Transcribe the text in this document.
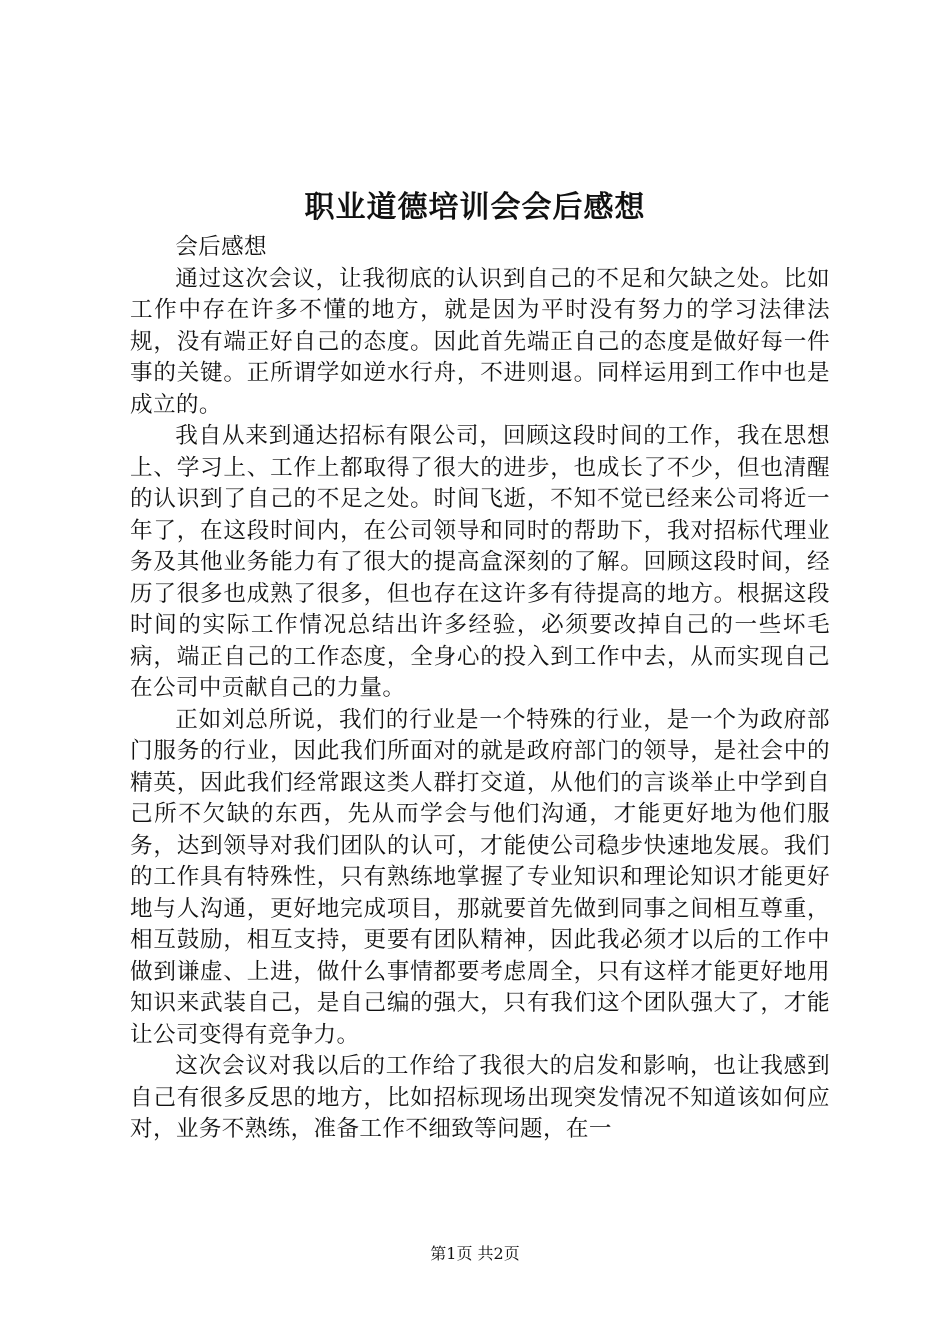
职业道德培训会会后感想

会后感想

通过这次会议，让我彻底的认识到自己的不足和欠缺之处。比如工作中存在许多不懂的地方，就是因为平时没有努力的学习法律法规，没有端正好自己的态度。因此首先端正自己的态度是做好每一件事的关键。正所谓学如逆水行舟，不进则退。同样运用到工作中也是成立的。

我自从来到通达招标有限公司，回顾这段时间的工作，我在思想上、学习上、工作上都取得了很大的进步，也成长了不少，但也清醒的认识到了自己的不足之处。时间飞逝，不知不觉已经来公司将近一年了，在这段时间内，在公司领导和同时的帮助下，我对招标代理业务及其他业务能力有了很大的提高盒深刻的了解。回顾这段时间，经历了很多也成熟了很多，但也存在这许多有待提高的地方。根据这段时间的实际工作情况总结出许多经验，必须要改掉自己的一些坏毛病，端正自己的工作态度，全身心的投入到工作中去，从而实现自己在公司中贡献自己的力量。

正如刘总所说，我们的行业是一个特殊的行业，是一个为政府部门服务的行业，因此我们所面对的就是政府部门的领导，是社会中的精英，因此我们经常跟这类人群打交道，从他们的言谈举止中学到自己所不欠缺的东西，先从而学会与他们沟通，才能更好地为他们服务，达到领导对我们团队的认可，才能使公司稳步快速地发展。我们的工作具有特殊性，只有熟练地掌握了专业知识和理论知识才能更好地与人沟通，更好地完成项目，那就要首先做到同事之间相互尊重，相互鼓励，相互支持，更要有团队精神，因此我必须才以后的工作中做到谦虚、上进，做什么事情都要考虑周全，只有这样才能更好地用知识来武装自己，是自己编的强大，只有我们这个团队强大了，才能让公司变得有竞争力。

这次会议对我以后的工作给了我很大的启发和影响，也让我感到自己有很多反思的地方，比如招标现场出现突发情况不知道该如何应对，业务不熟练，准备工作不细致等问题，在一

第1页 共2页
